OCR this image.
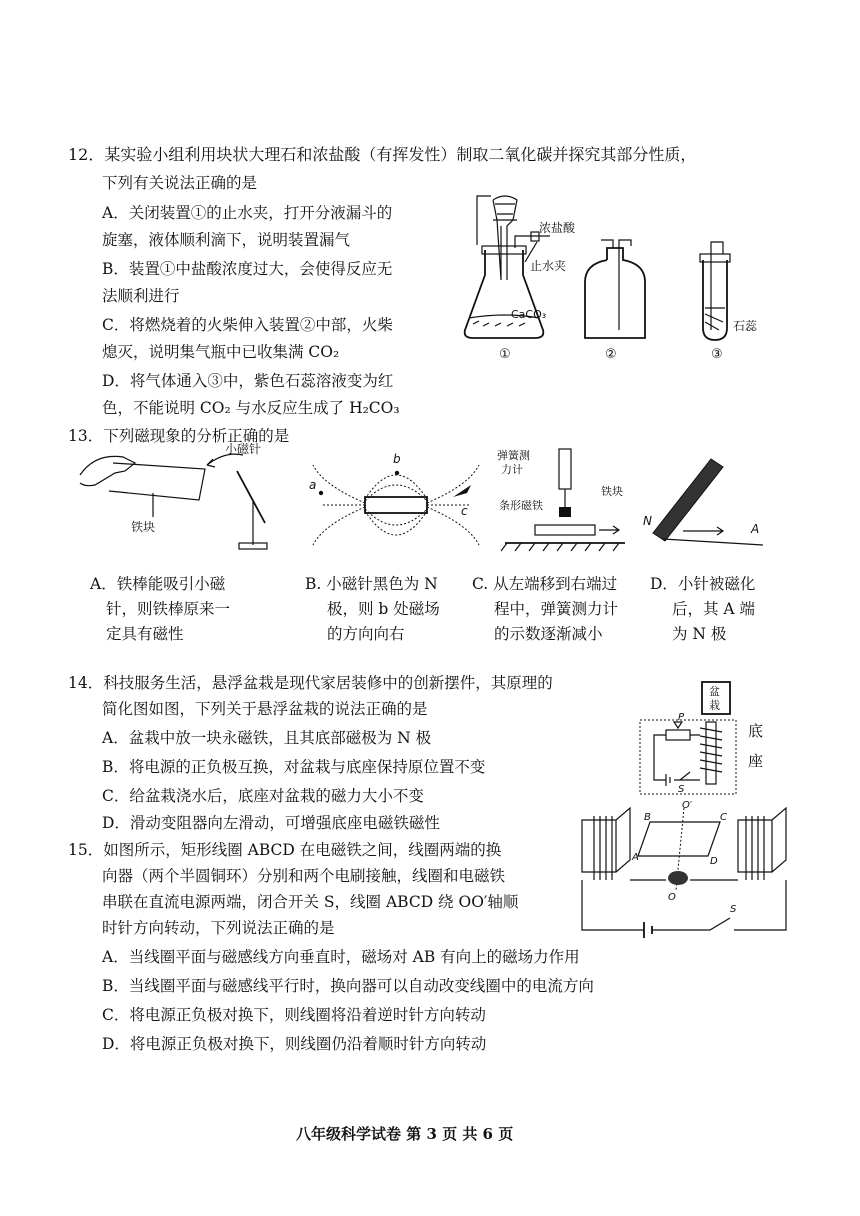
12．某实验小组利用块状大理石和浓盐酸（有挥发性）制取二氧化碳并探究其部分性质，
下列有关说法正确的是
A．关闭装置①的止水夹，打开分液漏斗的
旋塞，液体顺利滴下，说明装置漏气
B．装置①中盐酸浓度过大，会使得反应无
法顺利进行
C．将燃烧着的火柴伸入装置②中部，火柴
熄灭，说明集气瓶中已收集满 CO₂
D．将气体通入③中，紫色石蕊溶液变为红
色，不能说明 CO₂ 与水反应生成了 H₂CO₃
浓盐酸
止水夹
CaCO₃
①	②
石蕊
③
13．下列磁现象的分析正确的是
铁块
小磁针
b
a
c
弹簧测
力计
铁块
条形磁铁
N
A
A．铁棒能吸引小磁
针，则铁棒原来一
定具有磁性
B. 小磁针黑色为 N
极，则 b 处磁场
的方向向右
C. 从左端移到右端过
程中，弹簧测力计
的示数逐渐减小
D．小针被磁化
后，其 A 端
为 N 极
14．科技服务生活，悬浮盆栽是现代家居装修中的创新摆件，其原理的
简化图如图，下列关于悬浮盆栽的说法正确的是
A．盆栽中放一块永磁铁，且其底部磁极为 N 极
B．将电源的正负极互换，对盆栽与底座保持原位置不变
C．给盆栽浇水后，底座对盆栽的磁力大小不变
D．滑动变阻器向左滑动，可增强底座电磁铁磁性
盆
栽
P
S
底
座
15．如图所示，矩形线圈 ABCD 在电磁铁之间，线圈两端的换
向器（两个半圆铜环）分别和两个电刷接触，线圈和电磁铁
串联在直流电源两端，闭合开关 S，线圈 ABCD 绕 OO′轴顺
时针方向转动，下列说法正确的是
A．当线圈平面与磁感线方向垂直时，磁场对 AB 有向上的磁场力作用
B．当线圈平面与磁感线平行时，换向器可以自动改变线圈中的电流方向
C．将电源正负极对换下，则线圈将沿着逆时针方向转动
D．将电源正负极对换下，则线圈仍沿着顺时针方向转动
O′
O
A
B	C
D
S
八年级科学试卷 第 3 页 共 6 页
